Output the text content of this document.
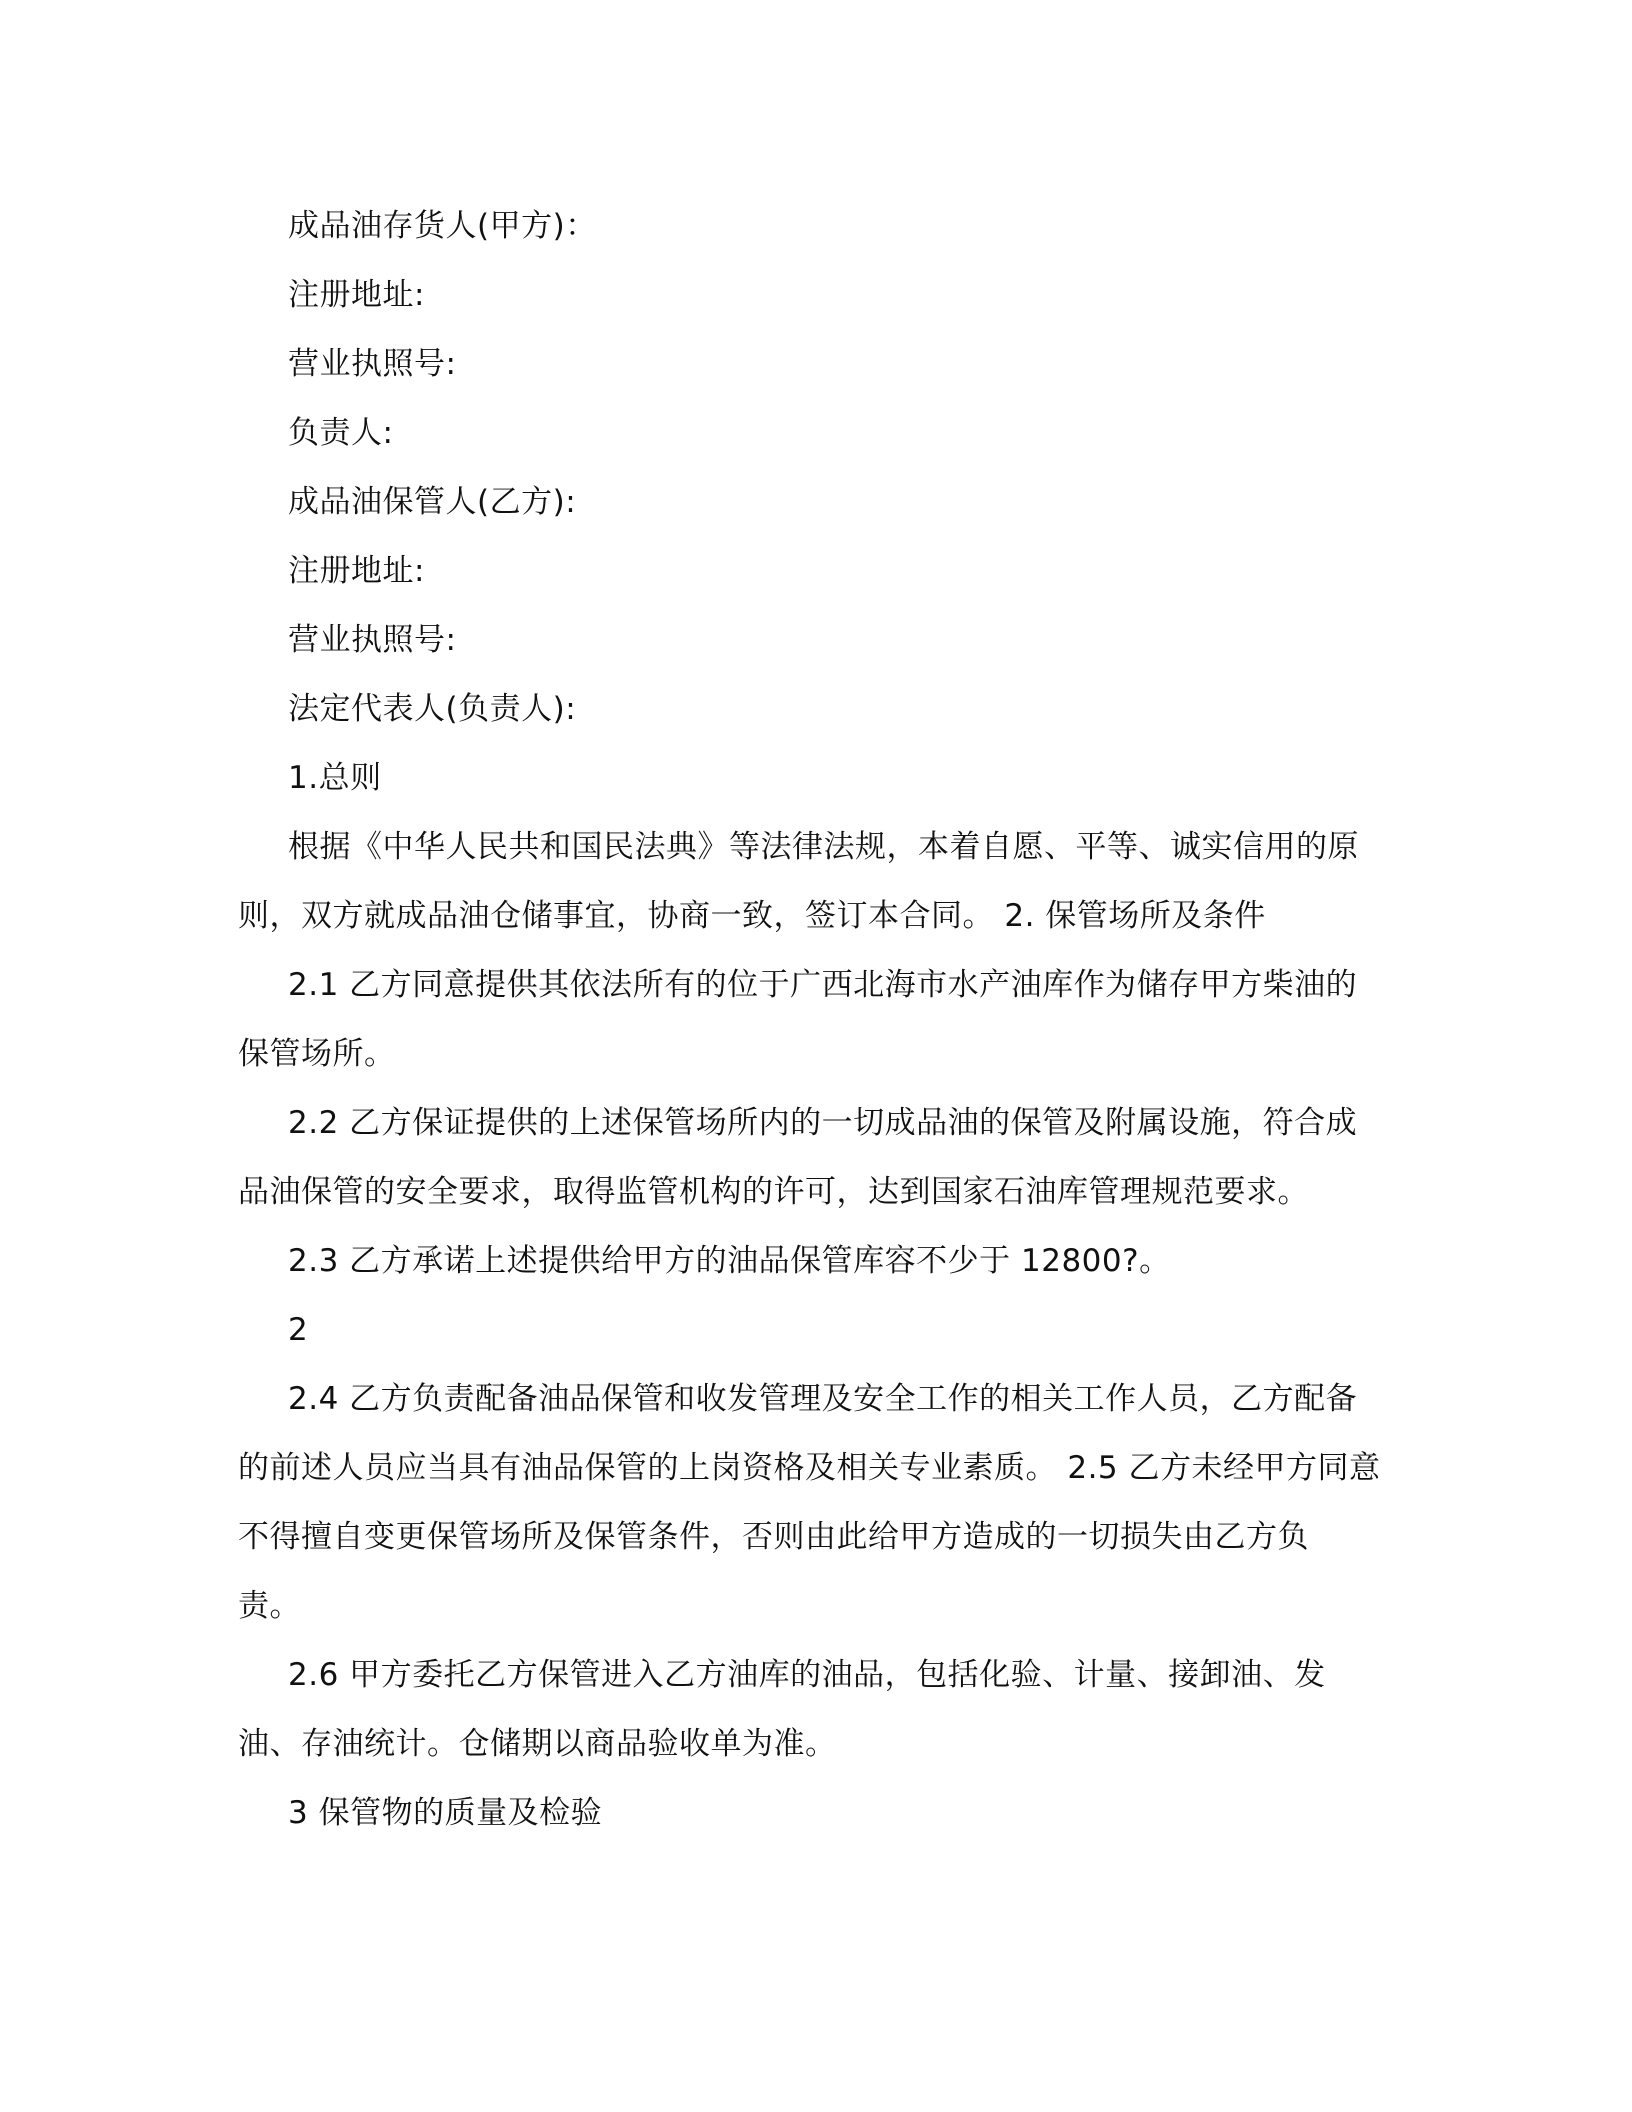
成品油存货人(甲方)：
注册地址:
营业执照号:
负责人:
成品油保管人(乙方):
注册地址:
营业执照号:
法定代表人(负责人):
1.总则
根据《中华人民共和国民法典》等法律法规，本着自愿、平等、诚实信用的原
则，双方就成品油仓储事宜，协商一致，签订本合同。 2. 保管场所及条件
2.1 乙方同意提供其依法所有的位于广西北海市水产油库作为储存甲方柴油的
保管场所。
2.2 乙方保证提供的上述保管场所内的一切成品油的保管及附属设施，符合成
品油保管的安全要求，取得监管机构的许可，达到国家石油库管理规范要求。
2.3 乙方承诺上述提供给甲方的油品保管库容不少于 12800?。
2
2.4 乙方负责配备油品保管和收发管理及安全工作的相关工作人员，乙方配备
的前述人员应当具有油品保管的上岗资格及相关专业素质。 2.5 乙方未经甲方同意
不得擅自变更保管场所及保管条件，否则由此给甲方造成的一切损失由乙方负
责。
2.6 甲方委托乙方保管进入乙方油库的油品，包括化验、计量、接卸油、发
油、存油统计。仓储期以商品验收单为准。
3 保管物的质量及检验
